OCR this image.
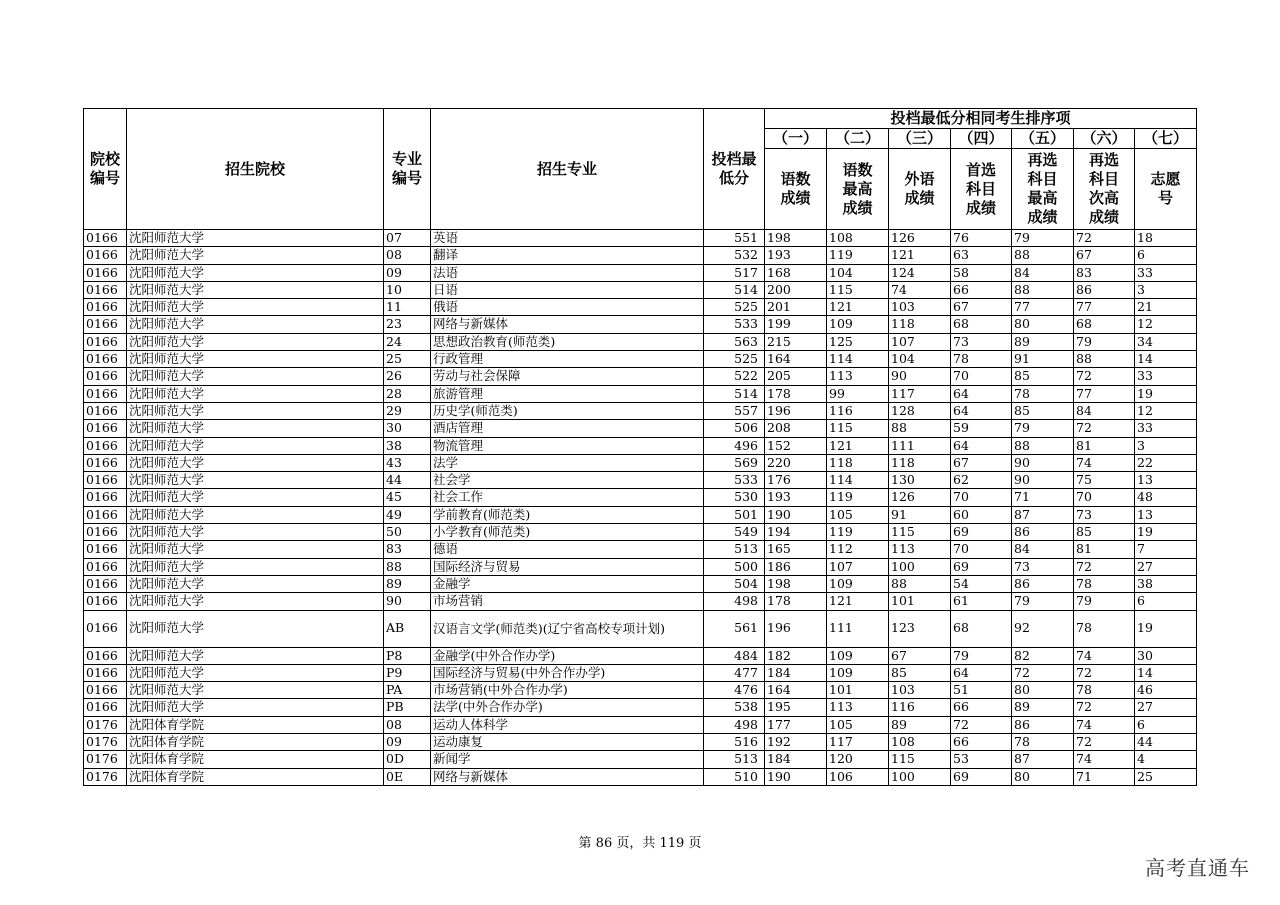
院校编号	招生院校	专业编号	招生专业	投档最低分	投档最低分相同考生排序项						
					（一）	（二）	（三）	（四）	（五）	（六）	（七）
					语数成绩	语数最高成绩	外语成绩	首选科目成绩	再选科目最高成绩	再选科目次高成绩	志愿号
0166	沈阳师范大学	07	英语	551	198	108	126	76	79	72	18
0166	沈阳师范大学	08	翻译	532	193	119	121	63	88	67	6
0166	沈阳师范大学	09	法语	517	168	104	124	58	84	83	33
0166	沈阳师范大学	10	日语	514	200	115	74	66	88	86	3
0166	沈阳师范大学	11	俄语	525	201	121	103	67	77	77	21
0166	沈阳师范大学	23	网络与新媒体	533	199	109	118	68	80	68	12
0166	沈阳师范大学	24	思想政治教育(师范类)	563	215	125	107	73	89	79	34
0166	沈阳师范大学	25	行政管理	525	164	114	104	78	91	88	14
0166	沈阳师范大学	26	劳动与社会保障	522	205	113	90	70	85	72	33
0166	沈阳师范大学	28	旅游管理	514	178	99	117	64	78	77	19
0166	沈阳师范大学	29	历史学(师范类)	557	196	116	128	64	85	84	12
0166	沈阳师范大学	30	酒店管理	506	208	115	88	59	79	72	33
0166	沈阳师范大学	38	物流管理	496	152	121	111	64	88	81	3
0166	沈阳师范大学	43	法学	569	220	118	118	67	90	74	22
0166	沈阳师范大学	44	社会学	533	176	114	130	62	90	75	13
0166	沈阳师范大学	45	社会工作	530	193	119	126	70	71	70	48
0166	沈阳师范大学	49	学前教育(师范类)	501	190	105	91	60	87	73	13
0166	沈阳师范大学	50	小学教育(师范类)	549	194	119	115	69	86	85	19
0166	沈阳师范大学	83	德语	513	165	112	113	70	84	81	7
0166	沈阳师范大学	88	国际经济与贸易	500	186	107	100	69	73	72	27
0166	沈阳师范大学	89	金融学	504	198	109	88	54	86	78	38
0166	沈阳师范大学	90	市场营销	498	178	121	101	61	79	79	6
0166	沈阳师范大学	AB	汉语言文学(师范类)(辽宁省高校专项计划)	561	196	111	123	68	92	78	19
0166	沈阳师范大学	P8	金融学(中外合作办学)	484	182	109	67	79	82	74	30
0166	沈阳师范大学	P9	国际经济与贸易(中外合作办学)	477	184	109	85	64	72	72	14
0166	沈阳师范大学	PA	市场营销(中外合作办学)	476	164	101	103	51	80	78	46
0166	沈阳师范大学	PB	法学(中外合作办学)	538	195	113	116	66	89	72	27
0176	沈阳体育学院	08	运动人体科学	498	177	105	89	72	86	74	6
0176	沈阳体育学院	09	运动康复	516	192	117	108	66	78	72	44
0176	沈阳体育学院	0D	新闻学	513	184	120	115	53	87	74	4
0176	沈阳体育学院	0E	网络与新媒体	510	190	106	100	69	80	71	25
第 86 页，共 119 页
高考直通车
